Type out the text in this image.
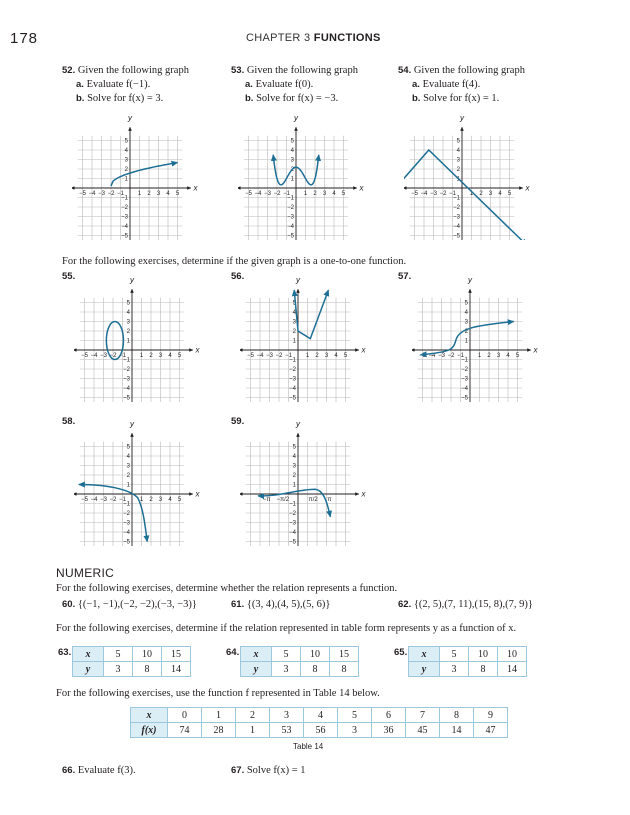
178	CHAPTER 3 FUNCTIONS
52. Given the following graph
a. Evaluate f(−1).
b. Solve for f(x) = 3.
53. Given the following graph
a. Evaluate f(0).
b. Solve for f(x) = −3.
54. Given the following graph
a. Evaluate f(4).
b. Solve for f(x) = 1.
x
y
−5 −4 −3 −2 −1 1 2 3 4 5
5
4
3
2
1
−1
−2
−3
−4
−5
x
y
−5 −4 −3 −2 −1 1 2 3 4 5
5
4
3
2
1
−1
−2
−3
−4
−5
x
y
−5 −4 −3 −2 −1 1 2 3 4 5
5
4
3
2
1
−1
−2
−3
−4
−5
For the following exercises, determine if the given graph is a one-to-one function.
55.	56.	57.
x
y
−5 −4 −3 −2 −1 1 2 3 4 5
5
4
3
2
1
−1
−2
−3
−4
−5
x
y
−5 −4 −3 −2 −1 1 2 3 4 5
5
4
3
2
1
−1
−2
−3
−4
−5
x
y
−5 −4 −3 −2 −1 1 2 3 4 5
5
4
3
2
1
−1
−2
−3
−4
−5
58.	59.
x
y
−5 −4 −3 −2 −1 1 2 3 4 5
5
4
3
2
1
−1
−2
−3
−4
−5
x
y
−π −π/2	π/2 π
5
4
3
2
1
−1
−2
−3
−4
−5
NUMERIC
For the following exercises, determine whether the relation represents a function.
60. {(−1, −1),(−2, −2),(−3, −3)}	61. {(3, 4),(4, 5),(5, 6)}	62. {(2, 5),(7, 11),(15, 8),(7, 9)}
For the following exercises, determine if the relation represented in table form represents y as a function of x.
63. x	5	10	15
y	3	8	14
64. x	5	10	15
y	3	8	8
65. x	5	10	10
y	3	8	14
For the following exercises, use the function f represented in Table 14 below.
x	0	1	2	3	4	5	6	7	8	9
f(x)	74	28	1	53	56	3	36	45	14	47
Table 14
66. Evaluate f(3).	67. Solve f(x) = 1
